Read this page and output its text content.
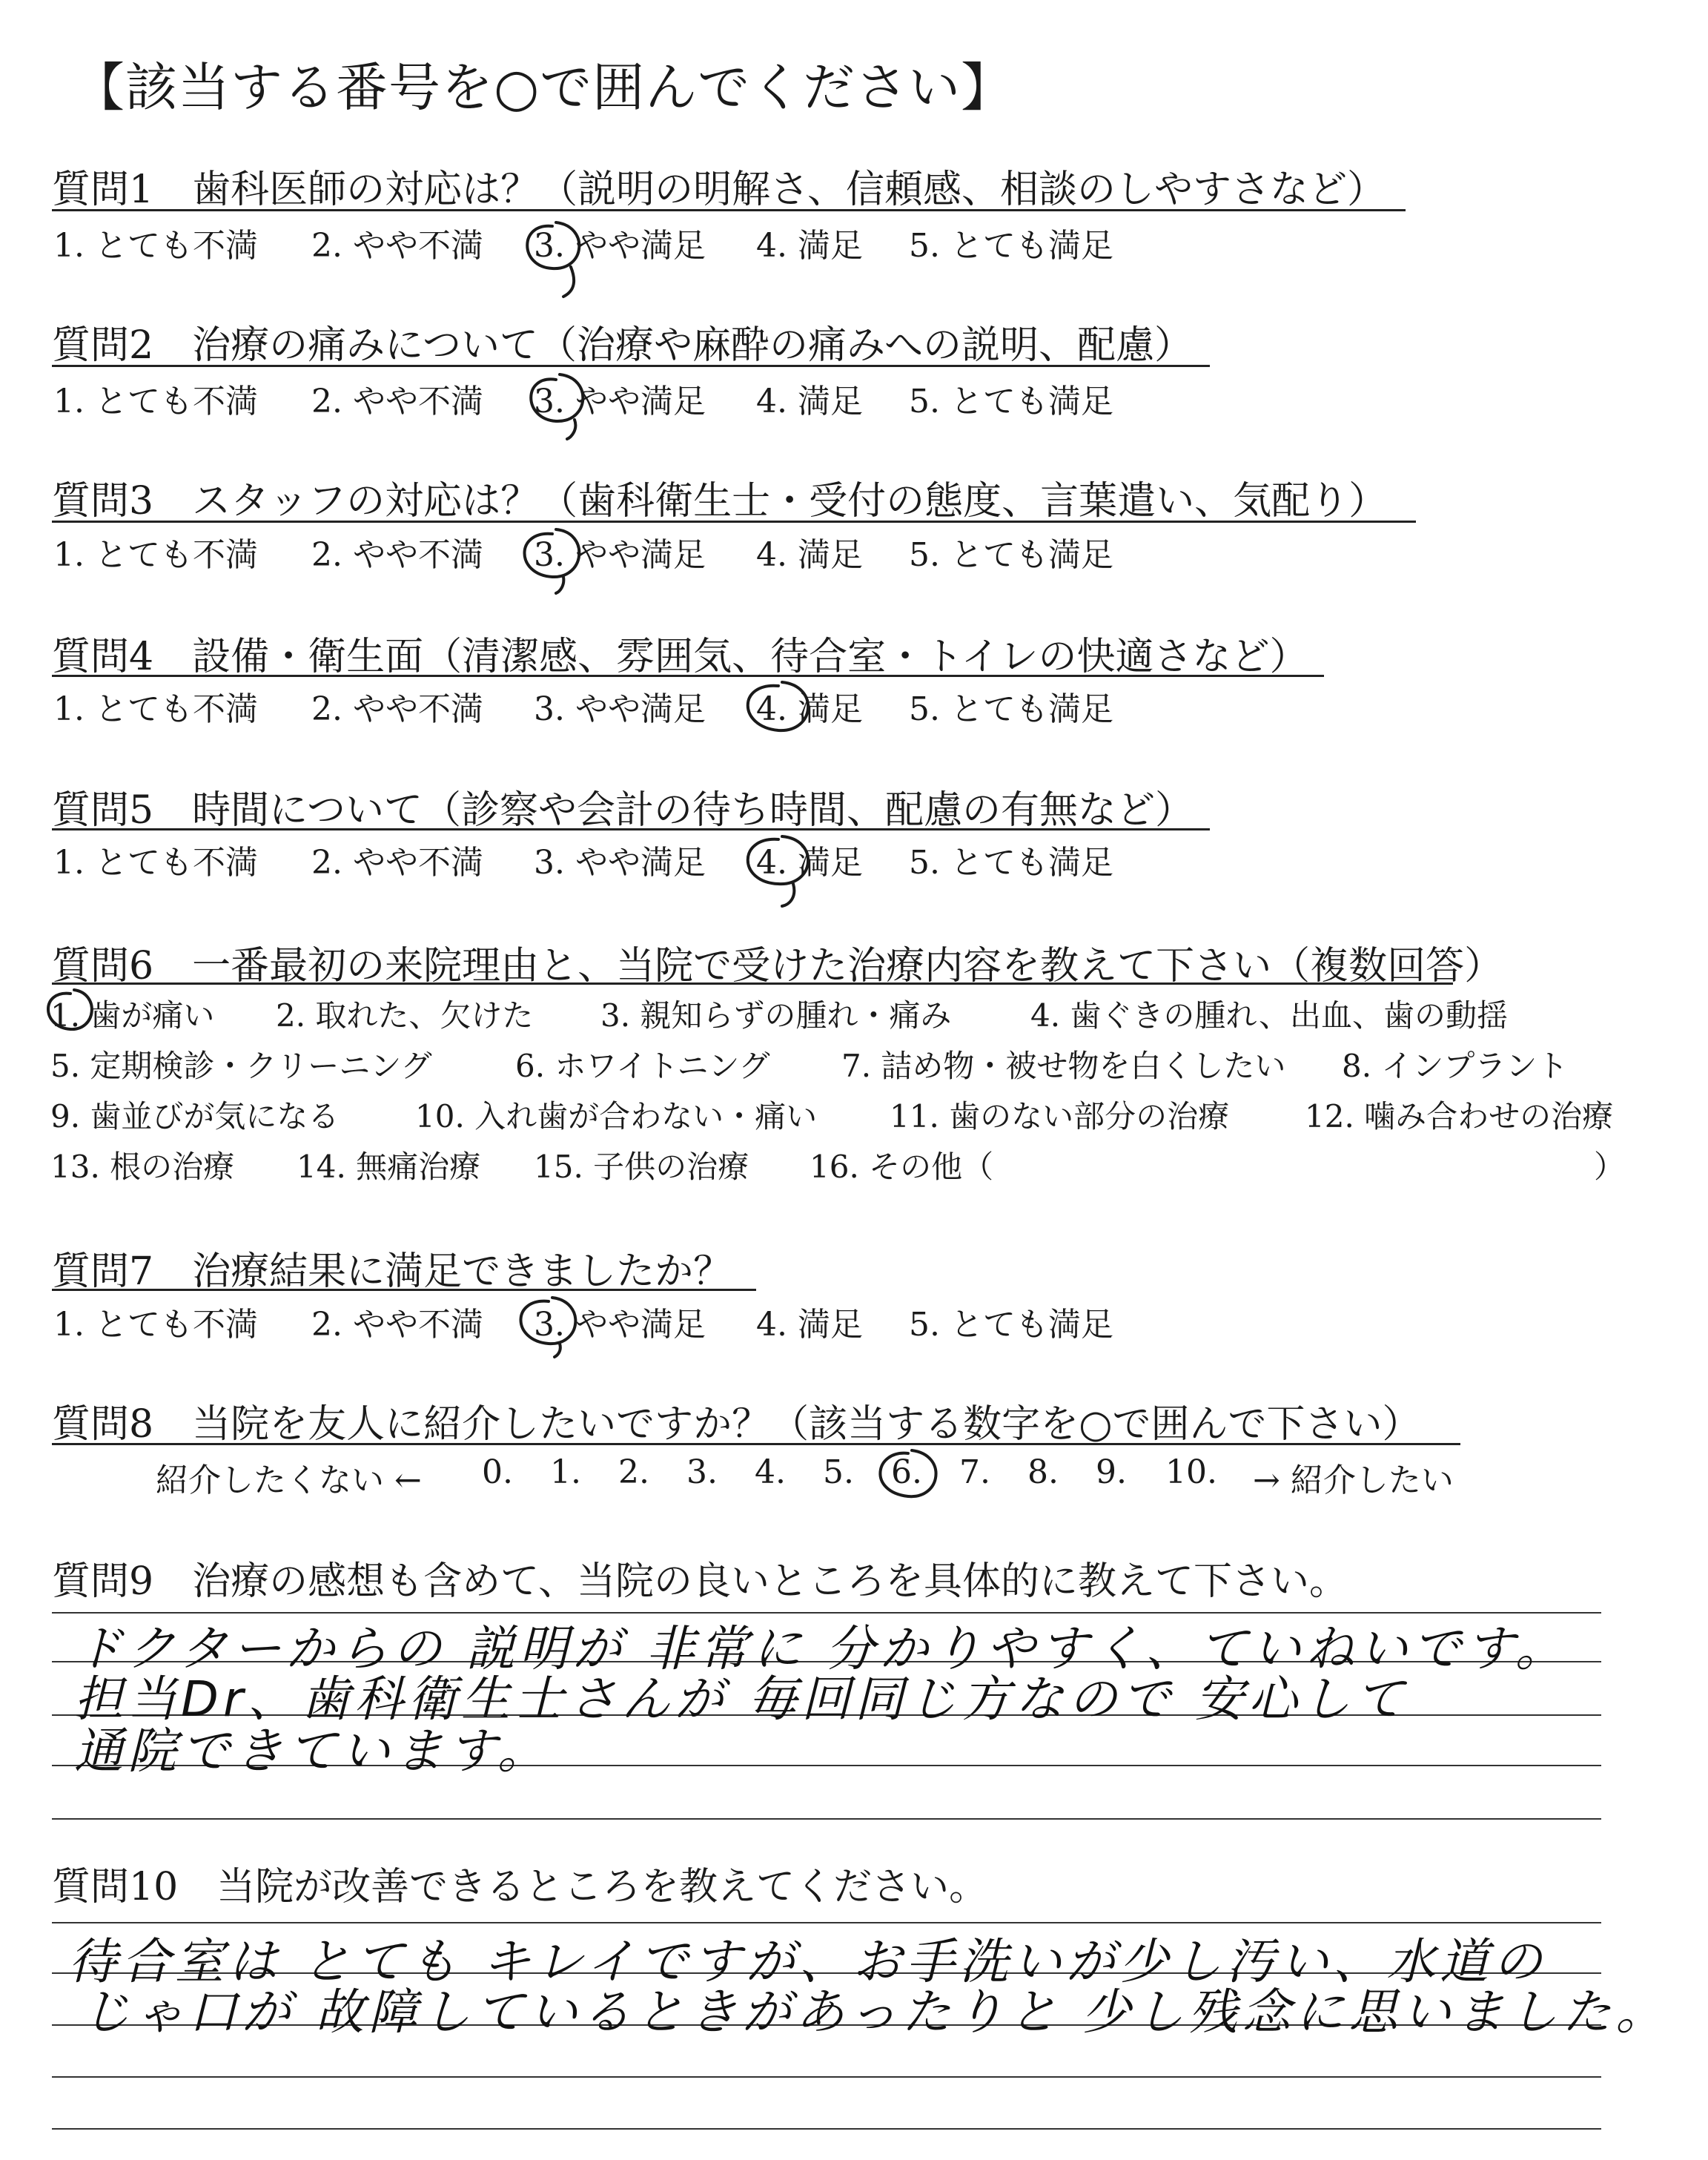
【該当する番号を○で囲んでください】
質問1　歯科医師の対応は？（説明の明解さ、信頼感、相談のしやすさなど）
1. とても不満 2. やや不満 3. やや満足 4. 満足 5. とても満足
質問2　治療の痛みについて（治療や麻酔の痛みへの説明、配慮）
1. とても不満 2. やや不満 3. やや満足 4. 満足 5. とても満足
質問3　スタッフの対応は？（歯科衛生士・受付の態度、言葉遣い、気配り）
1. とても不満 2. やや不満 3. やや満足 4. 満足 5. とても満足
質問4　設備・衛生面（清潔感、雰囲気、待合室・トイレの快適さなど）
1. とても不満 2. やや不満 3. やや満足 4. 満足 5. とても満足
質問5　時間について（診察や会計の待ち時間、配慮の有無など）
1. とても不満 2. やや不満 3. やや満足 4. 満足 5. とても満足
質問6　一番最初の来院理由と、当院で受けた治療内容を教えて下さい（複数回答）
1. 歯が痛い 2. 取れた、欠けた 3. 親知らずの腫れ・痛み	4. 歯ぐきの腫れ、出血、歯の動揺
5. 定期検診・クリーニング	6. ホワイトニング 7. 詰め物・被せ物を白くしたい 8. インプラント
9. 歯並びが気になる 10. 入れ歯が合わない・痛い 11. 歯のない部分の治療 12. 噛み合わせの治療
13. 根の治療 14. 無痛治療 15. 子供の治療 16. その他（	）
質問7　治療結果に満足できましたか？
1. とても不満 2. やや不満 3. やや満足 4. 満足 5. とても満足
質問8　当院を友人に紹介したいですか？（該当する数字を○で囲んで下さい）
紹介したくない ← 0. 1. 2. 3. 4. 5. 6. 7. 8. 9. 10. → 紹介したい
質問9　治療の感想も含めて、当院の良いところを具体的に教えて下さい。
ドクターからの 説明が 非常に 分かりやすく、ていねいです。
担当Dr、歯科衛生士さんが 毎回同じ方なので 安心して
通院できています。
質問10　当院が改善できるところを教えてください。
待合室は とても キレイですが、お手洗いが少し汚い、水道の
じゃ口が 故障しているときがあったりと 少し残念に思いました。
